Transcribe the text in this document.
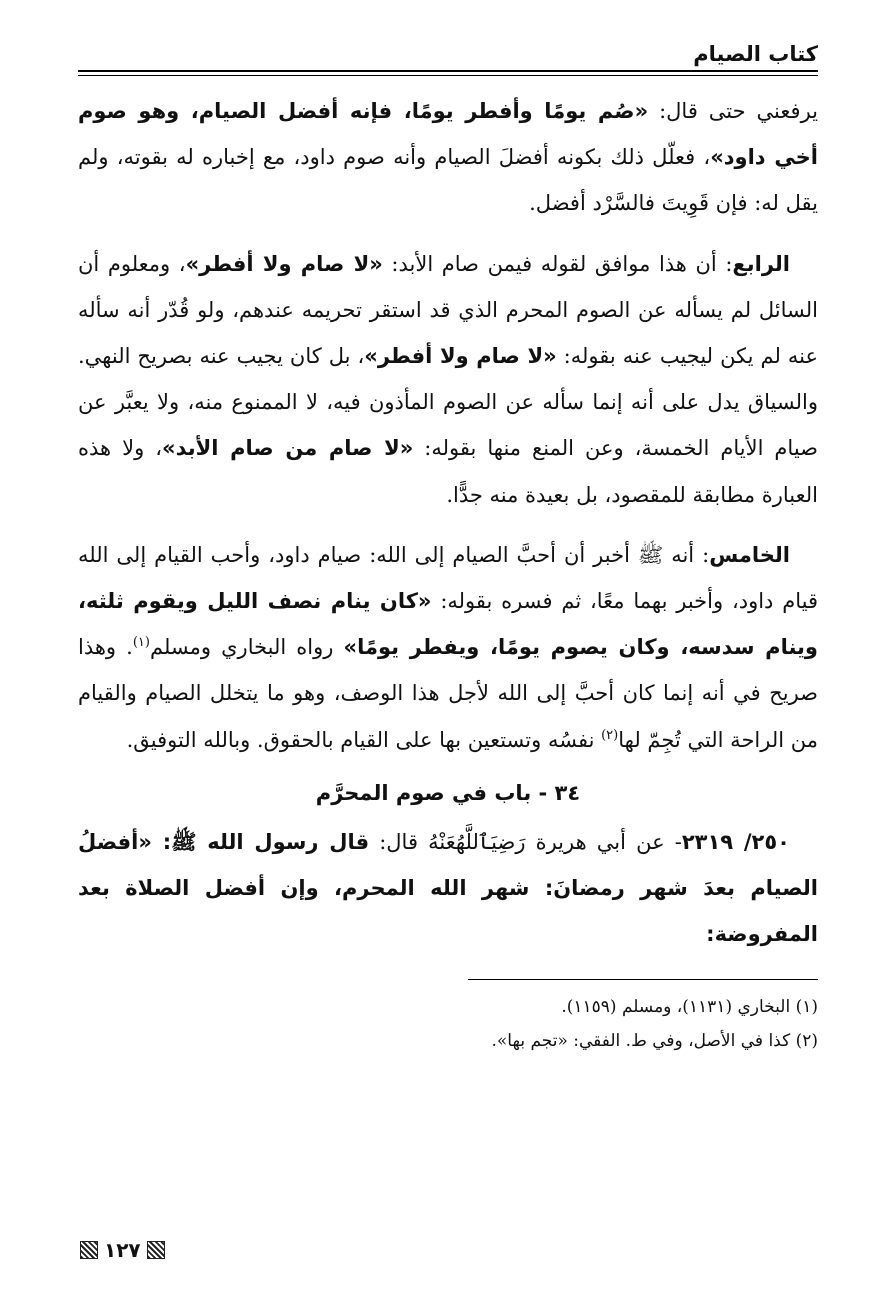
كتاب الصيام

يرفعني حتى قال: «صُم يومًا وأفطر يومًا، فإنه أفضل الصيام، وهو صوم أخي داود»، فعلّل ذلك بكونه أفضلَ الصيام وأنه صوم داود، مع إخباره له بقوته، ولم يقل له: فإن قَوِيتَ فالسَّرْد أفضل.

الرابع: أن هذا موافق لقوله فيمن صام الأبد: «لا صام ولا أفطر»، ومعلوم أن السائل لم يسأله عن الصوم المحرم الذي قد استقر تحريمه عندهم، ولو قُدّر أنه سأله عنه لم يكن ليجيب عنه بقوله: «لا صام ولا أفطر»، بل كان يجيب عنه بصريح النهي. والسياق يدل على أنه إنما سأله عن الصوم المأذون فيه، لا الممنوع منه، ولا يعبَّر عن صيام الأيام الخمسة، وعن المنع منها بقوله: «لا صام من صام الأبد»، ولا هذه العبارة مطابقة للمقصود، بل بعيدة منه جدًّا.

الخامس: أنه ﷺ أخبر أن أحبَّ الصيام إلى الله: صيام داود، وأحب القيام إلى الله قيام داود، وأخبر بهما معًا، ثم فسره بقوله: «كان ينام نصف الليل ويقوم ثلثه، وينام سدسه، وكان يصوم يومًا، ويفطر يومًا» رواه البخاري ومسلم$^{(١)}$. وهذا صريح في أنه إنما كان أحبَّ إلى الله لأجل هذا الوصف، وهو ما يتخلل الصيام والقيام من الراحة التي تُجِمّ لها$^{(٢)}$ نفسُه وتستعين بها على القيام بالحقوق. وبالله التوفيق.

٣٤ - باب في صوم المحرَّم

٢٥٠/ ٢٣١٩- عن أبي هريرة رَضِيَٱللَّهُعَنْهُ قال: قال رسول الله ﷺ: «أفضلُ الصيام بعدَ شهر رمضانَ: شهر الله المحرم، وإن أفضل الصلاة بعد المفروضة:

(١) البخاري (١١٣١)، ومسلم (١١٥٩).
(٢) كذا في الأصل، وفي ط. الفقي: «تجم بها».
١٢٧
